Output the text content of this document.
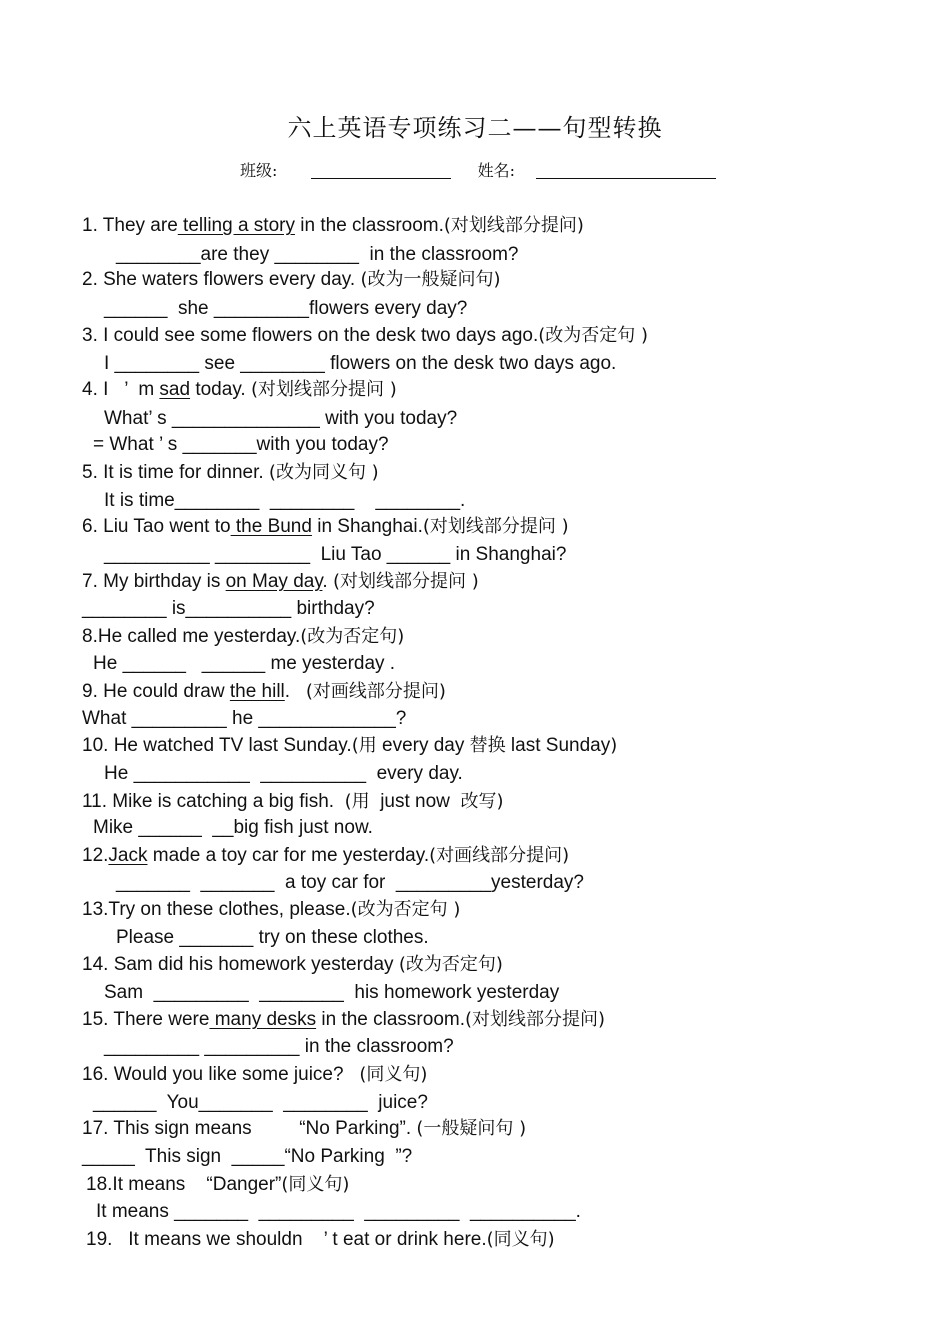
六上英语专项练习二——句型转换
班级:	姓名:
1. They are telling a story in the classroom.(对划线部分提问)
________are they ________  in the classroom?
2. She waters flowers every day. (改为一般疑问句)
______  she _________flowers every day?
3. I could see some flowers on the desk two days ago.(改为否定句 )
I ________ see ________ flowers on the desk two days ago.
4. I   ’  m sad today. (对划线部分提问 )
What’ s ______________ with you today?
= What ’ s _______with you today?
5. It is time for dinner. (改为同义句 )
It is time________  ________    ________.
6. Liu Tao went to the Bund in Shanghai.(对划线部分提问 )
__________ _________  Liu Tao ______ in Shanghai?
7. My birthday is on May day. (对划线部分提问 )
________ is__________ birthday?
8.He called me yesterday.(改为否定句)
He ______   ______ me yesterday .
9. He could draw the hill.   (对画线部分提问)
What _________ he _____________?
10. He watched TV last Sunday.(用 every day 替换 last Sunday)
He ___________  __________  every day.
11. Mike is catching a big fish.  (用  just now  改写)
Mike ______  __big fish just now.
12.Jack made a toy car for me yesterday.(对画线部分提问)
_______  _______  a toy car for  _________yesterday?
13.Try on these clothes, please.(改为否定句 )
Please _______ try on these clothes.
14. Sam did his homework yesterday (改为否定句)
Sam  _________  ________  his homework yesterday
15. There were many desks in the classroom.(对划线部分提问)
_________ _________ in the classroom?
16. Would you like some juice?   (同义句)
______  You_______  ________  juice?
17. This sign means         “No Parking”. (一般疑问句 )
_____  This sign  _____“No Parking  ”?
18.It means    “Danger”(同义句)
It means _______  _________  _________  __________.
19.   It means we shouldn    ’ t eat or drink here.(同义句)
